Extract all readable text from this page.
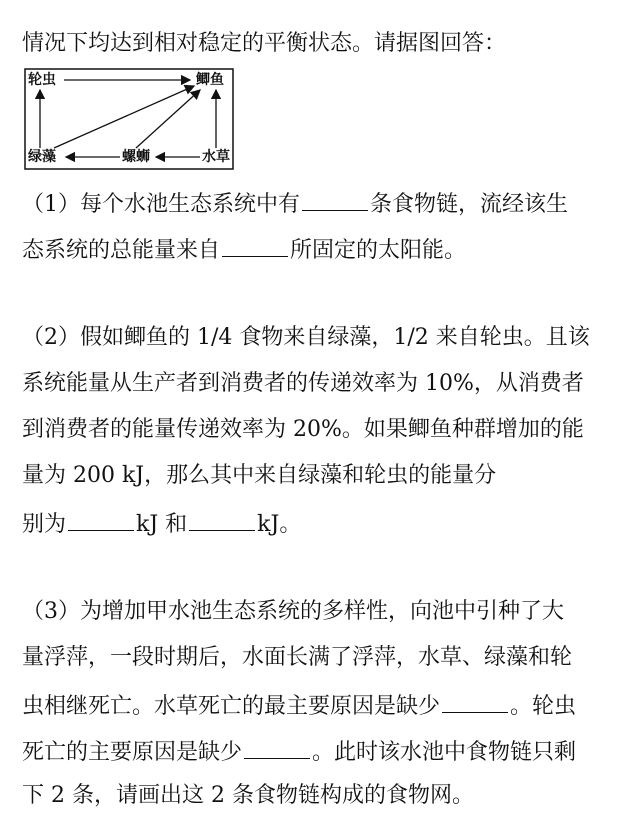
情况下均达到相对稳定的平衡状态。请据图回答：
轮虫	鲫鱼
绿藻	螺蛳	水草
（1）每个水池生态系统中有	条食物链，流经该生
态系统的总能量来自	所固定的太阳能。
（2）假如鲫鱼的 1/4 食物来自绿藻，1/2 来自轮虫。且该
系统能量从生产者到消费者的传递效率为 10%，从消费者
到消费者的能量传递效率为 20%。如果鲫鱼种群增加的能
量为 200 kJ，那么其中来自绿藻和轮虫的能量分
别为	kJ 和	kJ。
（3）为增加甲水池生态系统的多样性，向池中引种了大
量浮萍，一段时期后，水面长满了浮萍，水草、绿藻和轮
虫相继死亡。水草死亡的最主要原因是缺少	。轮虫
死亡的主要原因是缺少	。此时该水池中食物链只剩
下 2 条，请画出这 2 条食物链构成的食物网。
